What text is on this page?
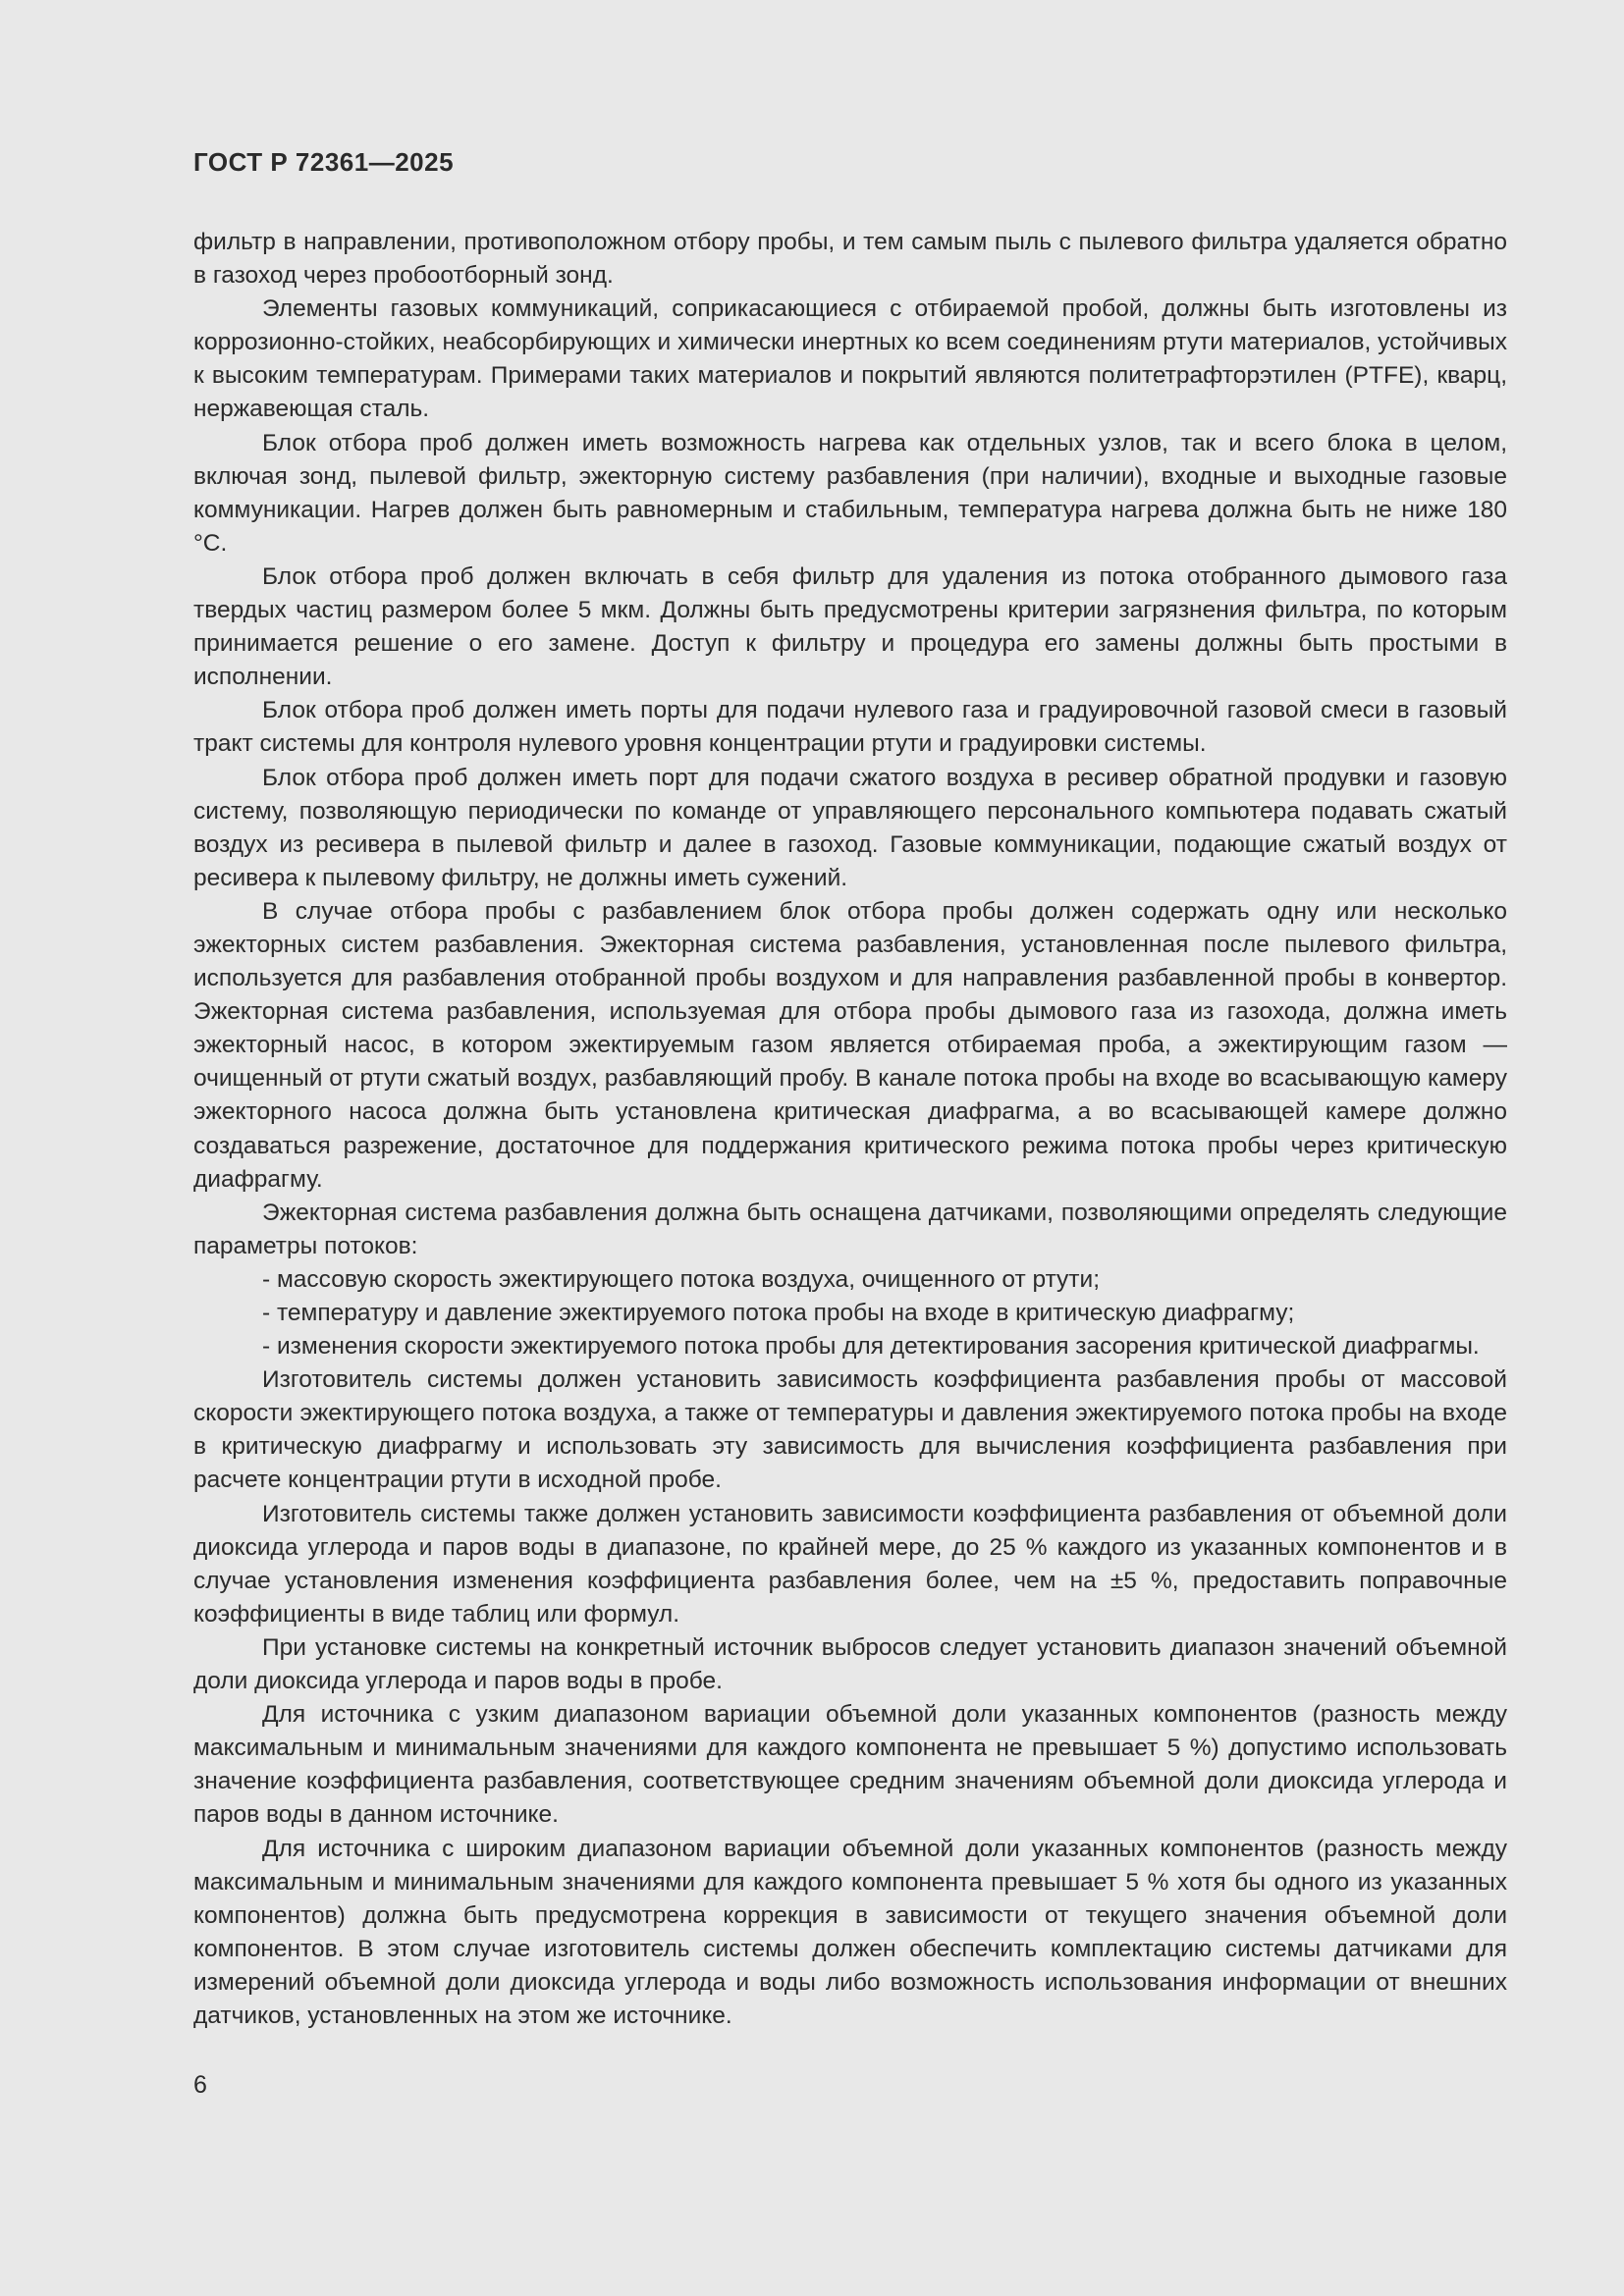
ГОСТ Р 72361—2025

фильтр в направлении, противоположном отбору пробы, и тем самым пыль с пылевого фильтра удаляется обратно в газоход через пробоотборный зонд.

Элементы газовых коммуникаций, соприкасающиеся с отбираемой пробой, должны быть изготовлены из коррозионно-стойких, неабсорбирующих и химически инертных ко всем соединениям ртути материалов, устойчивых к высоким температурам. Примерами таких материалов и покрытий являются политетрафторэтилен (PTFE), кварц, нержавеющая сталь.

Блок отбора проб должен иметь возможность нагрева как отдельных узлов, так и всего блока в целом, включая зонд, пылевой фильтр, эжекторную систему разбавления (при наличии), входные и выходные газовые коммуникации. Нагрев должен быть равномерным и стабильным, температура нагрева должна быть не ниже 180 °C.

Блок отбора проб должен включать в себя фильтр для удаления из потока отобранного дымового газа твердых частиц размером более 5 мкм. Должны быть предусмотрены критерии загрязнения фильтра, по которым принимается решение о его замене. Доступ к фильтру и процедура его замены должны быть простыми в исполнении.

Блок отбора проб должен иметь порты для подачи нулевого газа и градуировочной газовой смеси в газовый тракт системы для контроля нулевого уровня концентрации ртути и градуировки системы.

Блок отбора проб должен иметь порт для подачи сжатого воздуха в ресивер обратной продувки и газовую систему, позволяющую периодически по команде от управляющего персонального компьютера подавать сжатый воздух из ресивера в пылевой фильтр и далее в газоход. Газовые коммуникации, подающие сжатый воздух от ресивера к пылевому фильтру, не должны иметь сужений.

В случае отбора пробы с разбавлением блок отбора пробы должен содержать одну или несколько эжекторных систем разбавления. Эжекторная система разбавления, установленная после пылевого фильтра, используется для разбавления отобранной пробы воздухом и для направления разбавленной пробы в конвертор. Эжекторная система разбавления, используемая для отбора пробы дымового газа из газохода, должна иметь эжекторный насос, в котором эжектируемым газом является отбираемая проба, а эжектирующим газом — очищенный от ртути сжатый воздух, разбавляющий пробу. В канале потока пробы на входе во всасывающую камеру эжекторного насоса должна быть установлена критическая диафрагма, а во всасывающей камере должно создаваться разрежение, достаточное для поддержания критического режима потока пробы через критическую диафрагму.

Эжекторная система разбавления должна быть оснащена датчиками, позволяющими определять следующие параметры потоков:

- массовую скорость эжектирующего потока воздуха, очищенного от ртути;

- температуру и давление эжектируемого потока пробы на входе в критическую диафрагму;

- изменения скорости эжектируемого потока пробы для детектирования засорения критической диафрагмы.

Изготовитель системы должен установить зависимость коэффициента разбавления пробы от массовой скорости эжектирующего потока воздуха, а также от температуры и давления эжектируемого потока пробы на входе в критическую диафрагму и использовать эту зависимость для вычисления коэффициента разбавления при расчете концентрации ртути в исходной пробе.

Изготовитель системы также должен установить зависимости коэффициента разбавления от объемной доли диоксида углерода и паров воды в диапазоне, по крайней мере, до 25 % каждого из указанных компонентов и в случае установления изменения коэффициента разбавления более, чем на ±5 %, предоставить поправочные коэффициенты в виде таблиц или формул.

При установке системы на конкретный источник выбросов следует установить диапазон значений объемной доли диоксида углерода и паров воды в пробе.

Для источника с узким диапазоном вариации объемной доли указанных компонентов (разность между максимальным и минимальным значениями для каждого компонента не превышает 5 %) допустимо использовать значение коэффициента разбавления, соответствующее средним значениям объемной доли диоксида углерода и паров воды в данном источнике.

Для источника с широким диапазоном вариации объемной доли указанных компонентов (разность между максимальным и минимальным значениями для каждого компонента превышает 5 % хотя бы одного из указанных компонентов) должна быть предусмотрена коррекция в зависимости от текущего значения объемной доли компонентов. В этом случае изготовитель системы должен обеспечить комплектацию системы датчиками для измерений объемной доли диоксида углерода и воды либо возможность использования информации от внешних датчиков, установленных на этом же источнике.

6
